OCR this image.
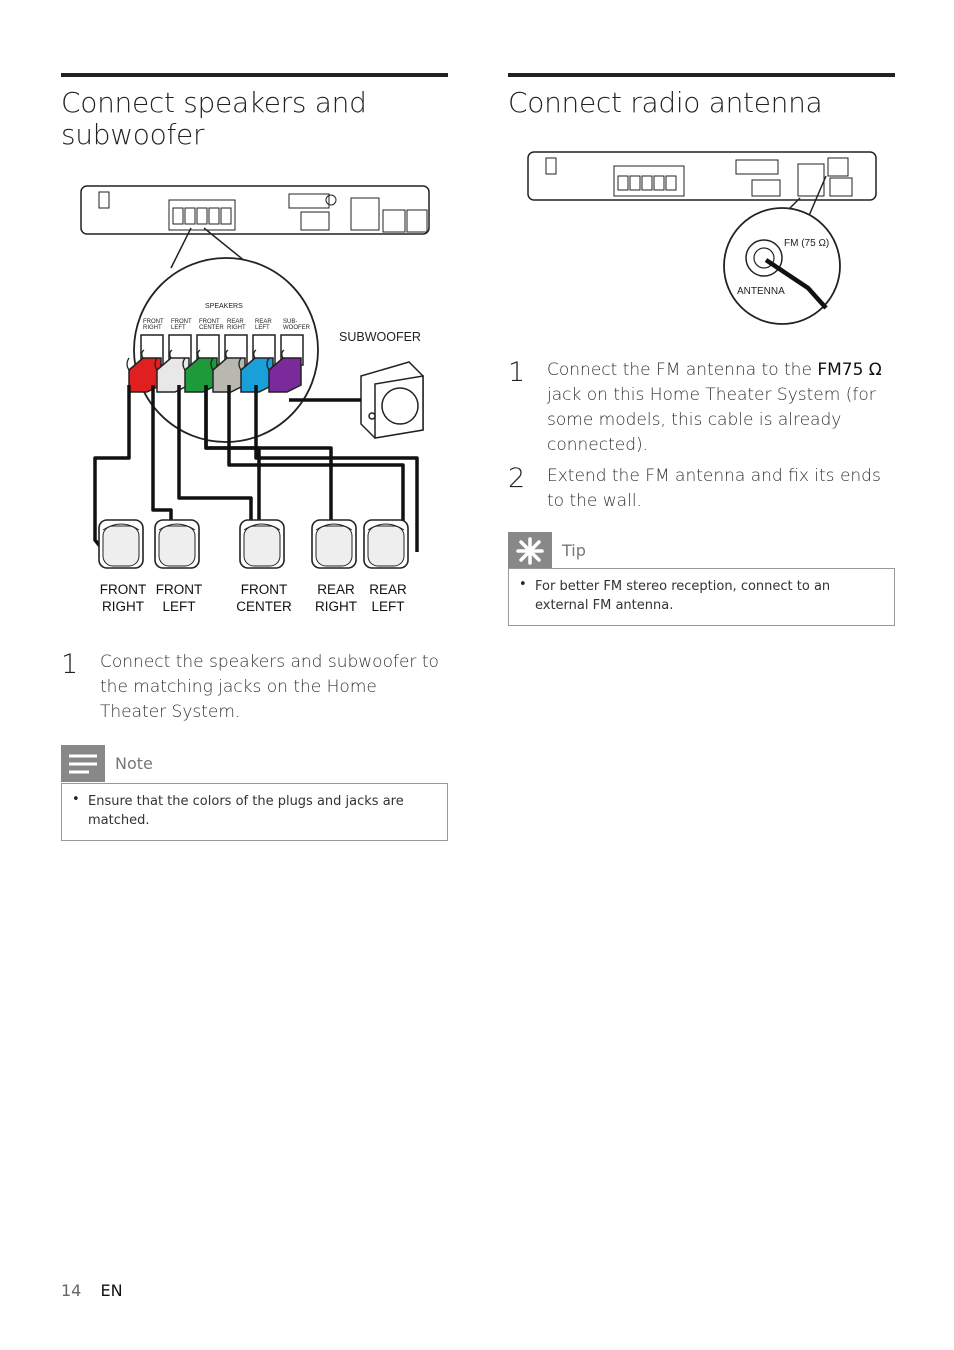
Connect speakers and subwoofer
SPEAKERS
FRONT
RIGHT
FRONT
LEFT
FRONT
CENTER
REAR
RIGHT
REAR
LEFT
SUB-
WOOFER
SUBWOOFER
FRONT
RIGHT
FRONT
LEFT
FRONT
CENTER
REAR
RIGHT
REAR
LEFT
1	Connect the speakers and subwoofer to the matching jacks on the Home Theater System.
Note
• Ensure that the colors of the plugs and jacks are matched.
Connect radio antenna
FM (75 Ω)
ANTENNA
1	Connect the FM antenna to the FM75 Ω jack on this Home Theater System (for some models, this cable is already connected).
2	Extend the FM antenna and fix its ends to the wall.
Tip
• For better FM stereo reception, connect to an external FM antenna.
14 EN
